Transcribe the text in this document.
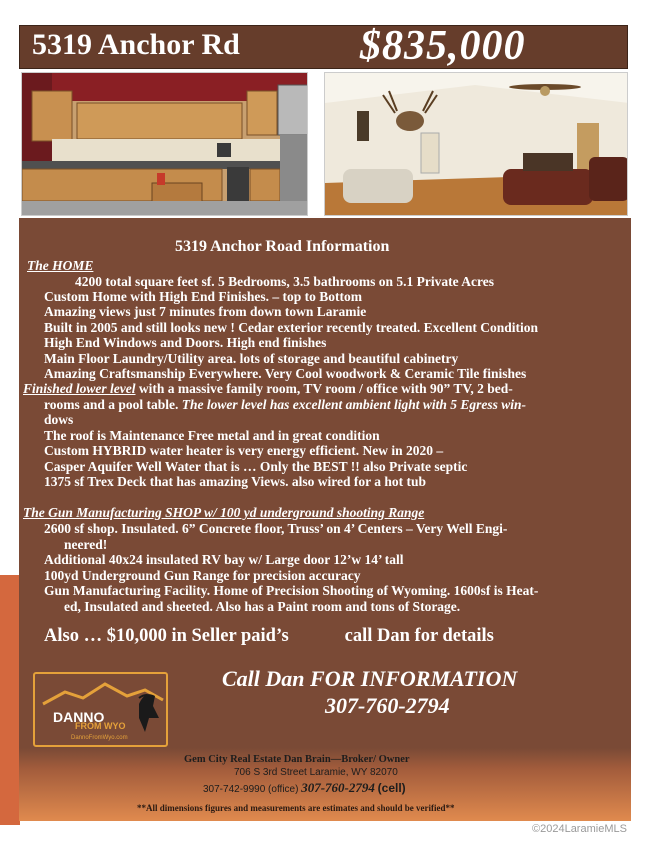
5319 Anchor Rd	$835,000
5319 Anchor Road Information
The HOME
4200 total square feet sf. 5 Bedrooms, 3.5 bathrooms on 5.1 Private Acres
Custom Home with High End Finishes. – top to Bottom
Amazing views just 7 minutes from down town Laramie
Built in 2005 and still looks new ! Cedar exterior recently treated. Excellent Condition
High End Windows and Doors. High end finishes
Main Floor Laundry/Utility area. lots of storage and beautiful cabinetry
Amazing Craftsmanship Everywhere. Very Cool woodwork & Ceramic Tile finishes
Finished lower level with a massive family room, TV room / office with 90” TV, 2 bed-
rooms and a pool table. The lower level has excellent ambient light with 5 Egress win-
dows
The roof is Maintenance Free metal and in great condition
Custom HYBRID water heater is very energy efficient. New in 2020 –
Casper Aquifer Well Water that is … Only the BEST !! also Private septic
1375 sf Trex Deck that has amazing Views. also wired for a hot tub
The Gun Manufacturing SHOP w/ 100 yd underground shooting Range
2600 sf shop. Insulated. 6” Concrete floor, Truss’ on 4’ Centers – Very Well Engi-
neered!
Additional 40x24 insulated RV bay w/ Large door 12’w 14’ tall
100yd Underground Gun Range for precision accuracy
Gun Manufacturing Facility. Home of Precision Shooting of Wyoming. 1600sf is Heat-
ed, Insulated and sheeted. Also has a Paint room and tons of Storage.
Also … $10,000 in Seller paid’s	call Dan for details
DANNO
FROM WYO
DannoFromWyo.com
Call Dan FOR INFORMATION
307-760-2794
Gem City Real Estate Dan Brain—Broker/ Owner
706 S 3rd Street Laramie, WY 82070
307-742-9990 (office) 307-760-2794 (cell)
**All dimensions figures and measurements are estimates and should be verified**
©2024LaramieMLS
